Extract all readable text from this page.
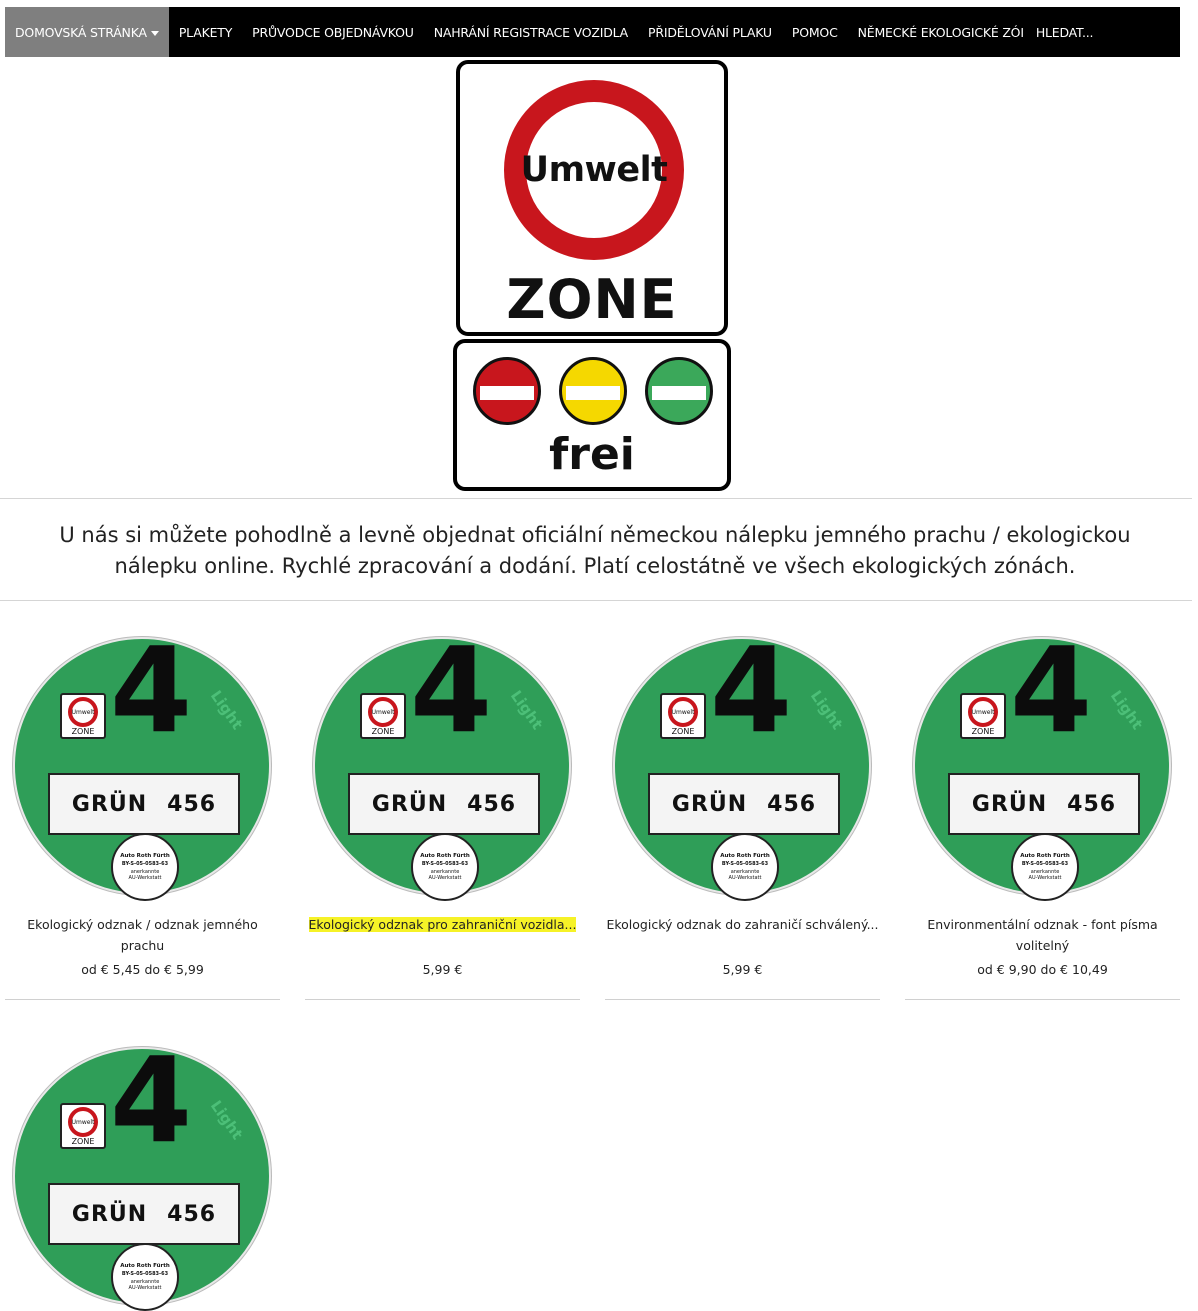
DOMOVSKÁ STRÁNKA	PLAKETY	PRŮVODCE OBJEDNÁVKOU	NAHRÁNÍ REGISTRACE VOZIDLA	PŘIDĚLOVÁNÍ PLAKU	POMOC	NĚMECKÉ EKOLOGICKÉ ZÓI HLEDAT...
Umwelt
ZONE
frei
U nás si můžete pohodlně a levně objednat oficiální německou nálepku jemného prachu / ekologickou nálepku online. Rychlé zpracování a dodání. Platí celostátně ve všech ekologických zónách.
4 Light
Umwelt
ZONE
GRÜN 456
Auto Roth Fürth
BY-S-05-0583-63
anerkannte
AU-Werkstatt
Ekologický odznak / odznak jemného prachu
od € 5,45 do € 5,99
4 Light
Umwelt
ZONE
GRÜN 456
Auto Roth Fürth
BY-S-05-0583-63
anerkannte
AU-Werkstatt
Ekologický odznak pro zahraniční vozidla...
5,99 €
4 Light
Umwelt
ZONE
GRÜN 456
Auto Roth Fürth
BY-S-05-0583-63
anerkannte
AU-Werkstatt
Ekologický odznak do zahraničí schválený...
5,99 €
4 Light
Umwelt
ZONE
GRÜN 456
Auto Roth Fürth
BY-S-05-0583-63
anerkannte
AU-Werkstatt
Environmentální odznak - font písma volitelný
od € 9,90 do € 10,49
4 Light
Umwelt
ZONE
GRÜN 456
Auto Roth Fürth
BY-S-05-0583-63
anerkannte
AU-Werkstatt
